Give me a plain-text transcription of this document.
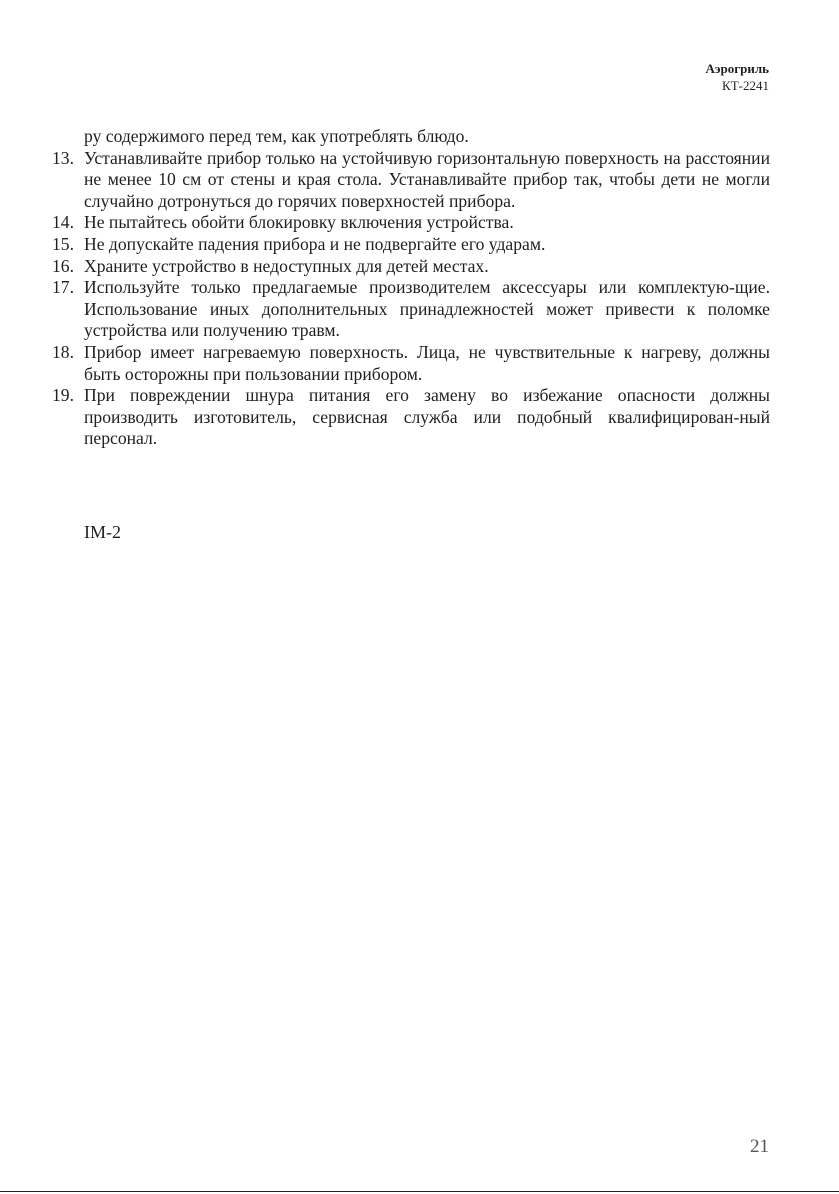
Аэрогриль
КТ-2241
ру содержимого перед тем, как употреблять блюдо.
13. Устанавливайте прибор только на устойчивую горизонтальную поверхность на расстоянии не менее 10 см от стены и края стола. Устанавливайте прибор так, чтобы дети не могли случайно дотронуться до горячих поверхностей прибора.
14. Не пытайтесь обойти блокировку включения устройства.
15. Не допускайте падения прибора и не подвергайте его ударам.
16. Храните устройство в недоступных для детей местах.
17. Используйте только предлагаемые производителем аксессуары или комплектую-щие. Использование иных дополнительных принадлежностей может привести к поломке устройства или получению травм.
18. Прибор имеет нагреваемую поверхность. Лица, не чувствительные к нагреву, должны быть осторожны при пользовании прибором.
19. При повреждении шнура питания его замену во избежание опасности должны производить изготовитель, сервисная служба или подобный квалифицирован-ный персонал.
IM-2
21
